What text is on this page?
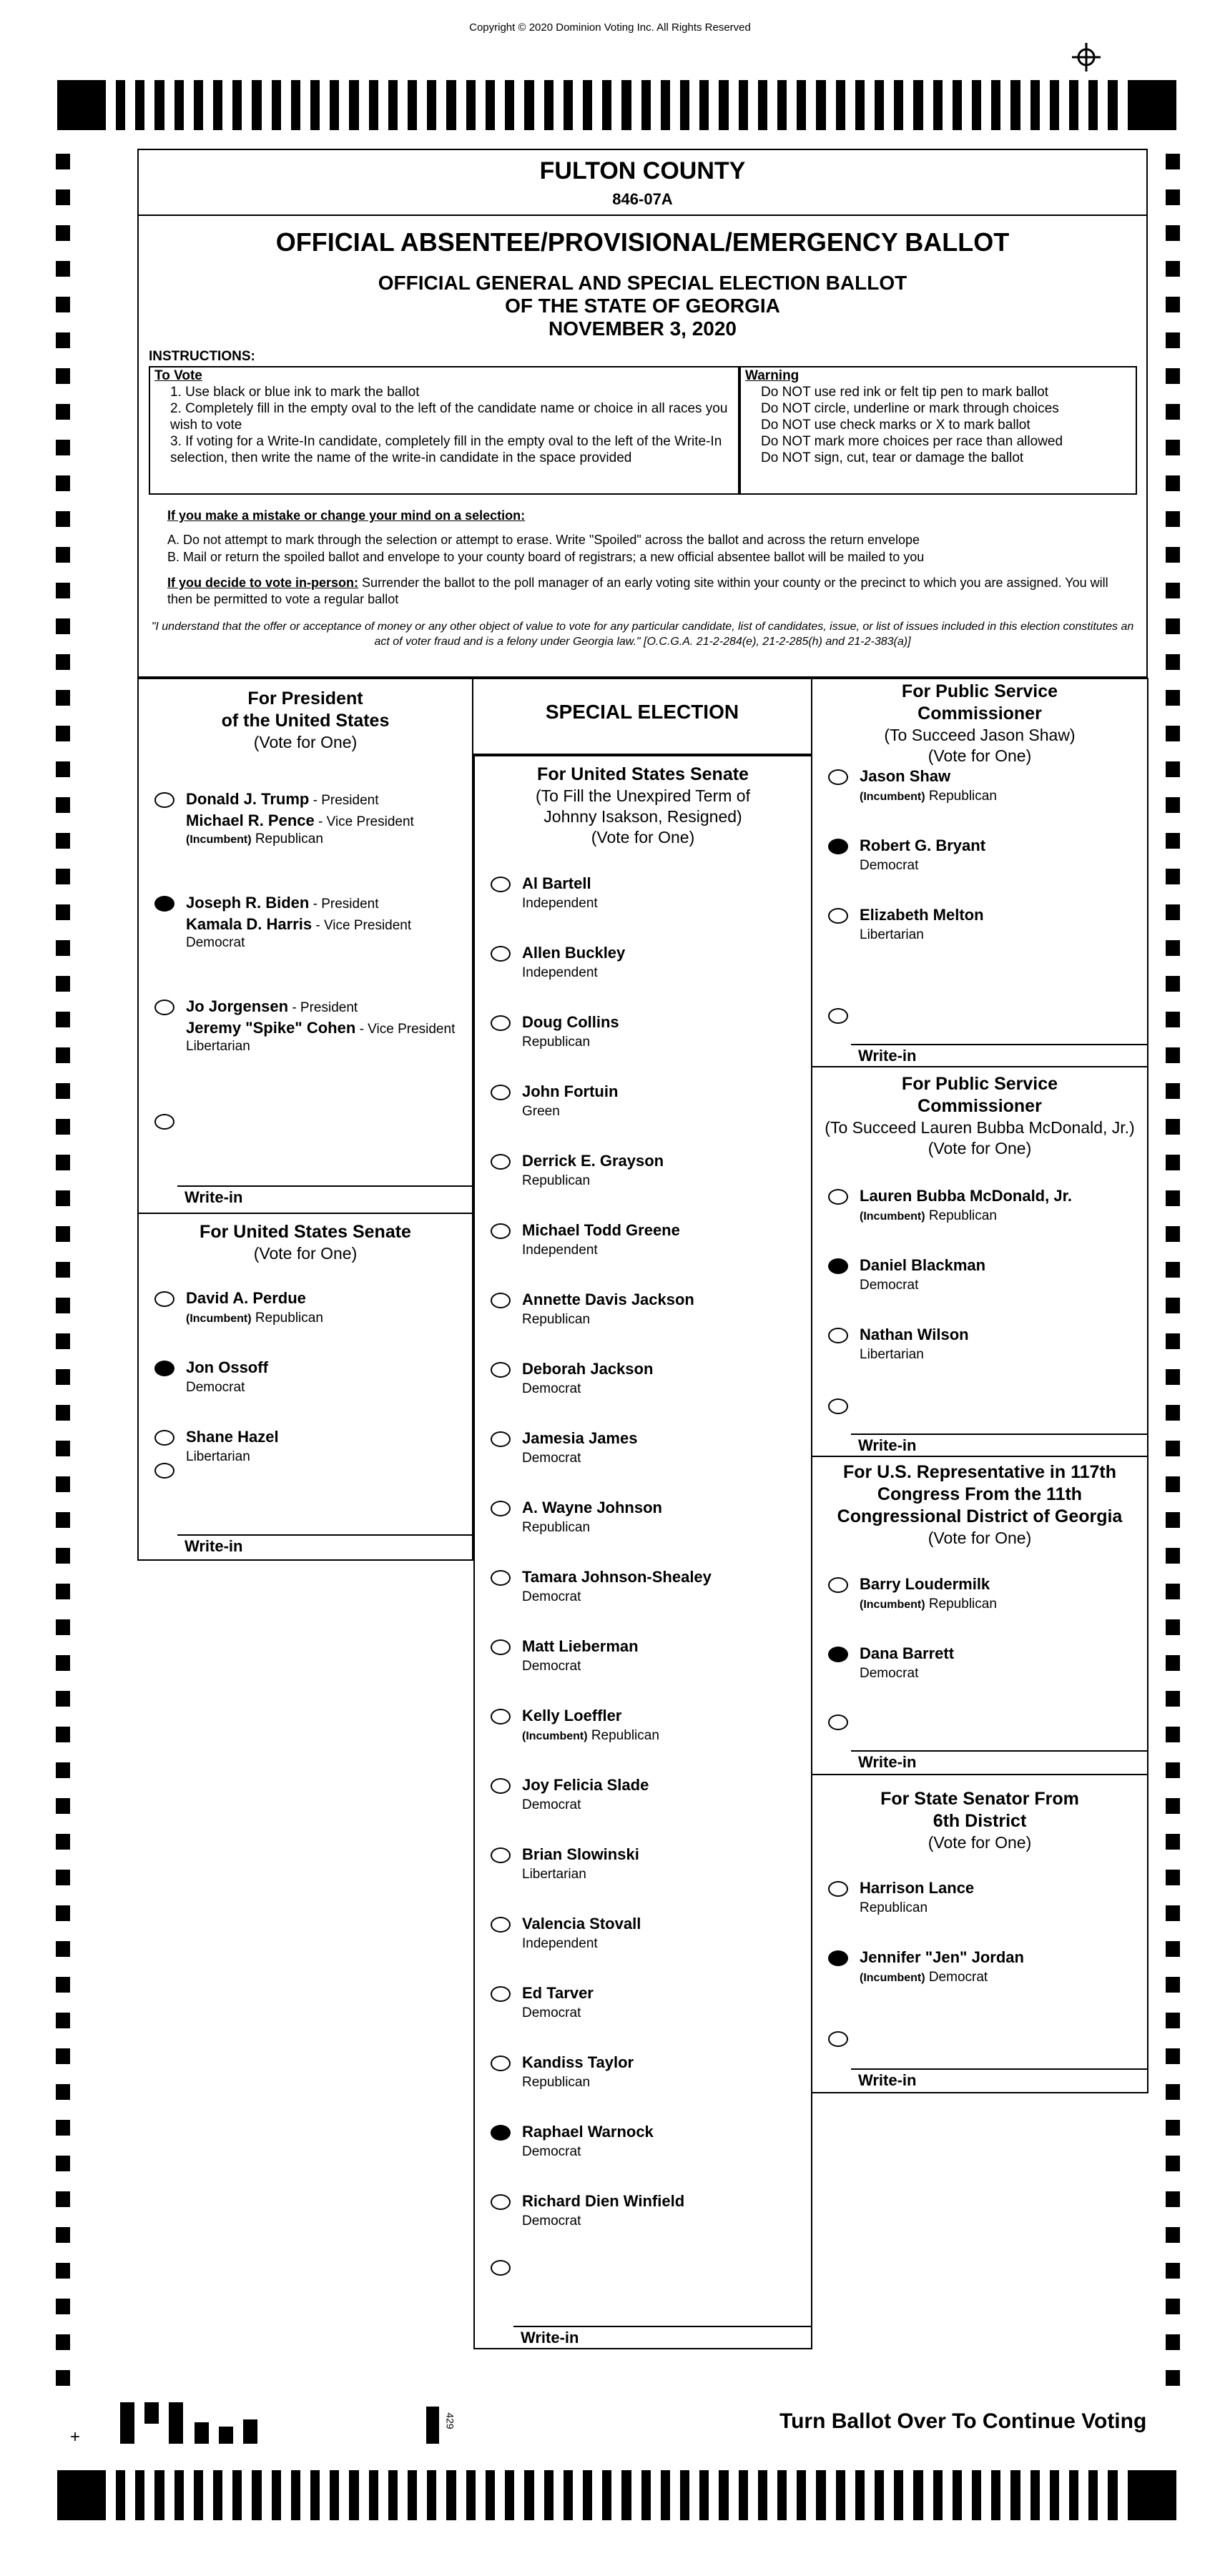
Copyright © 2020 Dominion Voting Inc. All Rights Reserved
FULTON COUNTY
846-07A
OFFICIAL ABSENTEE/PROVISIONAL/EMERGENCY BALLOT
OFFICIAL GENERAL AND SPECIAL ELECTION BALLOT
OF THE STATE OF GEORGIA
NOVEMBER 3, 2020
INSTRUCTIONS:
To Vote
1. Use black or blue ink to mark the ballot
2. Completely fill in the empty oval to the left of the candidate name or choice in all races you wish to vote
3. If voting for a Write-In candidate, completely fill in the empty oval to the left of the Write-In selection, then write the name of the write-in candidate in the space provided
Warning
Do NOT use red ink or felt tip pen to mark ballot
Do NOT circle, underline or mark through choices
Do NOT use check marks or X to mark ballot
Do NOT mark more choices per race than allowed
Do NOT sign, cut, tear or damage the ballot
If you make a mistake or change your mind on a selection:
A. Do not attempt to mark through the selection or attempt to erase. Write "Spoiled" across the ballot and across the return envelope
B. Mail or return the spoiled ballot and envelope to your county board of registrars; a new official absentee ballot will be mailed to you
If you decide to vote in-person: Surrender the ballot to the poll manager of an early voting site within your county or the precinct to which you are assigned. You will then be permitted to vote a regular ballot
"I understand that the offer or acceptance of money or any other object of value to vote for any particular candidate, list of candidates, issue, or list of issues included in this election constitutes an act of voter fraud and is a felony under Georgia law." [O.C.G.A. 21-2-284(e), 21-2-285(h) and 21-2-383(a)]
For President
of the United States
(Vote for One)
Donald J. Trump - President
Michael R. Pence - Vice President
(Incumbent) Republican
Joseph R. Biden - President
Kamala D. Harris - Vice President
Democrat
Jo Jorgensen - President
Jeremy "Spike" Cohen - Vice President
Libertarian
Write-in
For United States Senate
(Vote for One)
David A. Perdue
(Incumbent) Republican
Jon Ossoff
Democrat
Shane Hazel
Libertarian
Write-in
SPECIAL ELECTION
For United States Senate
(To Fill the Unexpired Term of
Johnny Isakson, Resigned)
(Vote for One)
Al Bartell
Independent
Allen Buckley
Independent
Doug Collins
Republican
John Fortuin
Green
Derrick E. Grayson
Republican
Michael Todd Greene
Independent
Annette Davis Jackson
Republican
Deborah Jackson
Democrat
Jamesia James
Democrat
A. Wayne Johnson
Republican
Tamara Johnson-Shealey
Democrat
Matt Lieberman
Democrat
Kelly Loeffler
(Incumbent) Republican
Joy Felicia Slade
Democrat
Brian Slowinski
Libertarian
Valencia Stovall
Independent
Ed Tarver
Democrat
Kandiss Taylor
Republican
Raphael Warnock
Democrat
Richard Dien Winfield
Democrat
Write-in
For Public Service
Commissioner
(To Succeed Jason Shaw)
(Vote for One)
Jason Shaw
(Incumbent) Republican
Robert G. Bryant
Democrat
Elizabeth Melton
Libertarian
Write-in
For Public Service
Commissioner
(To Succeed Lauren Bubba McDonald, Jr.)
(Vote for One)
Lauren Bubba McDonald, Jr.
(Incumbent) Republican
Daniel Blackman
Democrat
Nathan Wilson
Libertarian
Write-in
For U.S. Representative in 117th
Congress From the 11th
Congressional District of Georgia
(Vote for One)
Barry Loudermilk
(Incumbent) Republican
Dana Barrett
Democrat
Write-in
For State Senator From
6th District
(Vote for One)
Harrison Lance
Republican
Jennifer "Jen" Jordan
(Incumbent) Democrat
Write-in
+
429	Turn Ballot Over To Continue Voting
